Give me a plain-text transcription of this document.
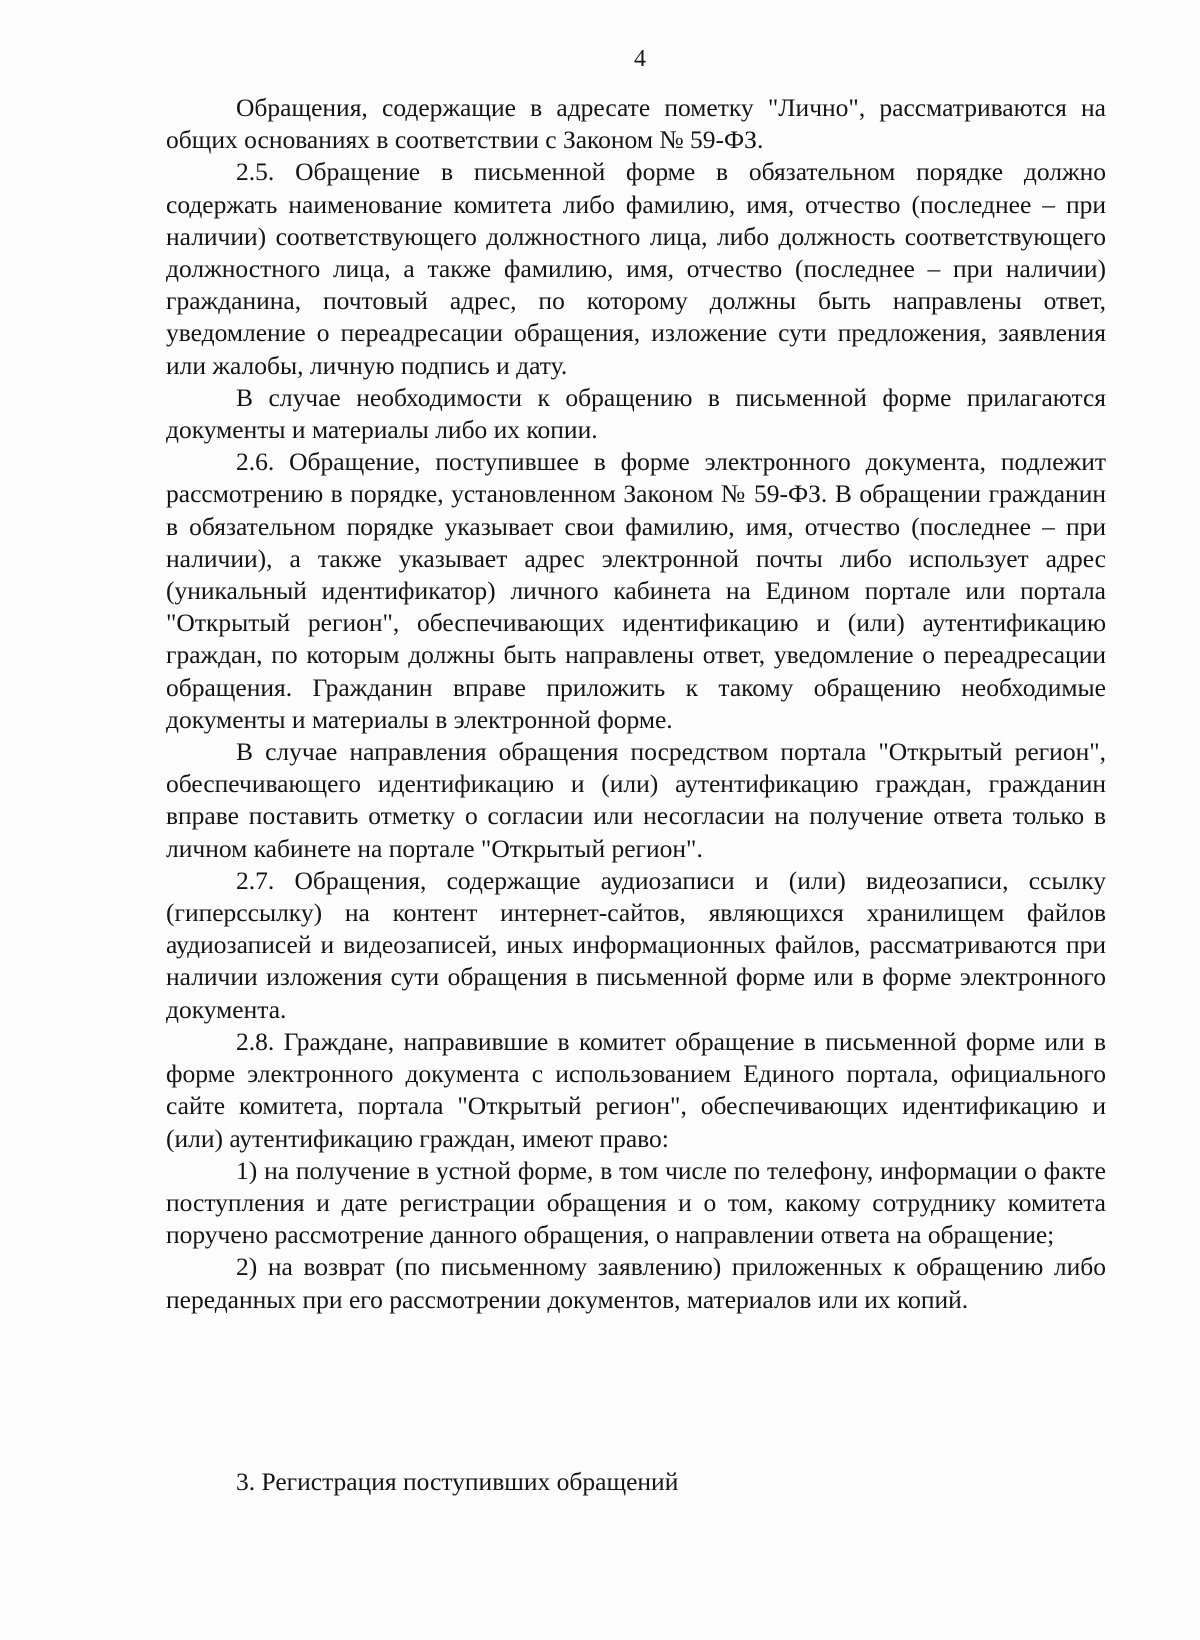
4

Обращения, содержащие в адресате пометку "Лично", рассматриваются на общих основаниях в соответствии с Законом № 59-ФЗ.

2.5. Обращение в письменной форме в обязательном порядке должно содержать наименование комитета либо фамилию, имя, отчество (последнее – при наличии) соответствующего должностного лица, либо должность соответствующего должностного лица, а также фамилию, имя, отчество (последнее – при наличии) гражданина, почтовый адрес, по которому должны быть направлены ответ, уведомление о переадресации обращения, изложение сути предложения, заявления или жалобы, личную подпись и дату.

В случае необходимости к обращению в письменной форме прилагаются документы и материалы либо их копии.

2.6. Обращение, поступившее в форме электронного документа, подлежит рассмотрению в порядке, установленном Законом № 59-ФЗ. В обращении гражданин в обязательном порядке указывает свои фамилию, имя, отчество (последнее – при наличии), а также указывает адрес электронной почты либо использует адрес (уникальный идентификатор) личного кабинета на Едином портале или портала "Открытый регион", обеспечивающих идентификацию и (или) аутентификацию граждан, по которым должны быть направлены ответ, уведомление о переадресации обращения. Гражданин вправе приложить к такому обращению необходимые документы и материалы в электронной форме.

В случае направления обращения посредством портала "Открытый регион", обеспечивающего идентификацию и (или) аутентификацию граждан, гражданин вправе поставить отметку о согласии или несогласии на получение ответа только в личном кабинете на портале "Открытый регион".

2.7. Обращения, содержащие аудиозаписи и (или) видеозаписи, ссылку (гиперссылку) на контент интернет-сайтов, являющихся хранилищем файлов аудиозаписей и видеозаписей, иных информационных файлов, рассматриваются при наличии изложения сути обращения в письменной форме или в форме электронного документа.

2.8. Граждане, направившие в комитет обращение в письменной форме или в форме электронного документа с использованием Единого портала, официального сайте комитета, портала "Открытый регион", обеспечивающих идентификацию и (или) аутентификацию граждан, имеют право:

1) на получение в устной форме, в том числе по телефону, информации о факте поступления и дате регистрации обращения и о том, какому сотруднику комитета поручено рассмотрение данного обращения, о направлении ответа на обращение;

2) на возврат (по письменному заявлению) приложенных к обращению либо переданных при его рассмотрении документов, материалов или их копий.

3. Регистрация поступивших обращений
